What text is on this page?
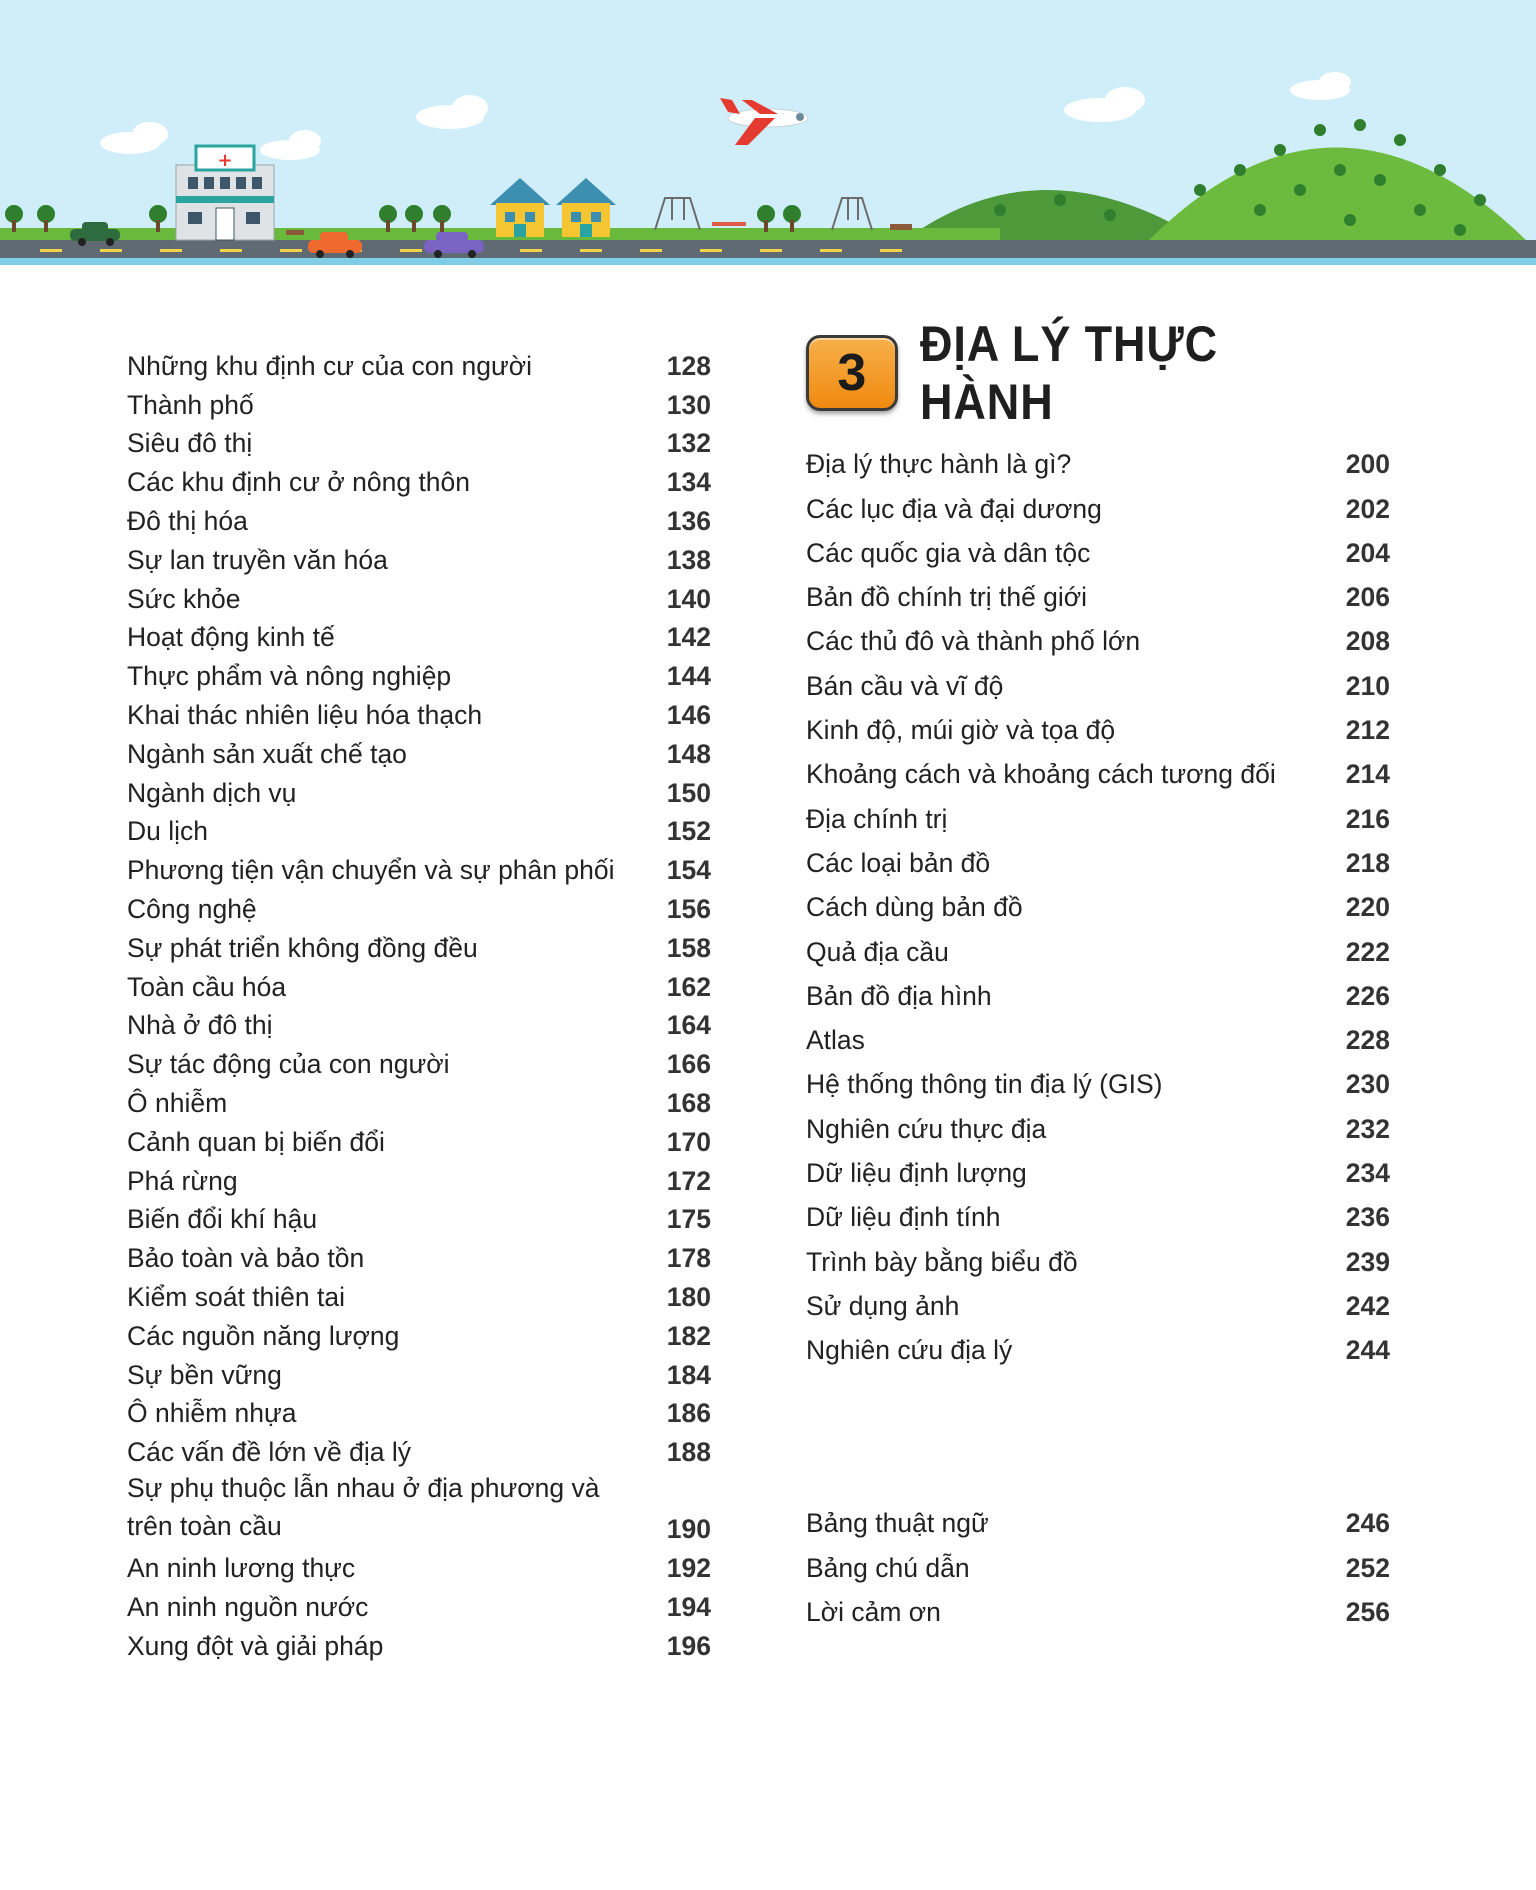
+
Những khu định cư của con người	128
Thành phố	130
Siêu đô thị	132
Các khu định cư ở nông thôn	134
Đô thị hóa	136
Sự lan truyền văn hóa	138
Sức khỏe	140
Hoạt động kinh tế	142
Thực phẩm và nông nghiệp	144
Khai thác nhiên liệu hóa thạch	146
Ngành sản xuất chế tạo	148
Ngành dịch vụ	150
Du lịch	152
Phương tiện vận chuyển và sự phân phối	154
Công nghệ	156
Sự phát triển không đồng đều	158
Toàn cầu hóa	162
Nhà ở đô thị	164
Sự tác động của con người	166
Ô nhiễm	168
Cảnh quan bị biến đổi	170
Phá rừng	172
Biến đổi khí hậu	175
Bảo toàn và bảo tồn	178
Kiểm soát thiên tai	180
Các nguồn năng lượng	182
Sự bền vững	184
Ô nhiễm nhựa	186
Các vấn đề lớn về địa lý	188
Sự phụ thuộc lẫn nhau ở địa phương và trên toàn cầu	190
An ninh lương thực	192
An ninh nguồn nước	194
Xung đột và giải pháp	196
3	ĐỊA LÝ THỰC HÀNH
Địa lý thực hành là gì?	200
Các lục địa và đại dương	202
Các quốc gia và dân tộc	204
Bản đồ chính trị thế giới	206
Các thủ đô và thành phố lớn	208
Bán cầu và vĩ độ	210
Kinh độ, múi giờ và tọa độ	212
Khoảng cách và khoảng cách tương đối	214
Địa chính trị	216
Các loại bản đồ	218
Cách dùng bản đồ	220
Quả địa cầu	222
Bản đồ địa hình	226
Atlas	228
Hệ thống thông tin địa lý (GIS)	230
Nghiên cứu thực địa	232
Dữ liệu định lượng	234
Dữ liệu định tính	236
Trình bày bằng biểu đồ	239
Sử dụng ảnh	242
Nghiên cứu địa lý	244
Bảng thuật ngữ	246
Bảng chú dẫn	252
Lời cảm ơn	256
